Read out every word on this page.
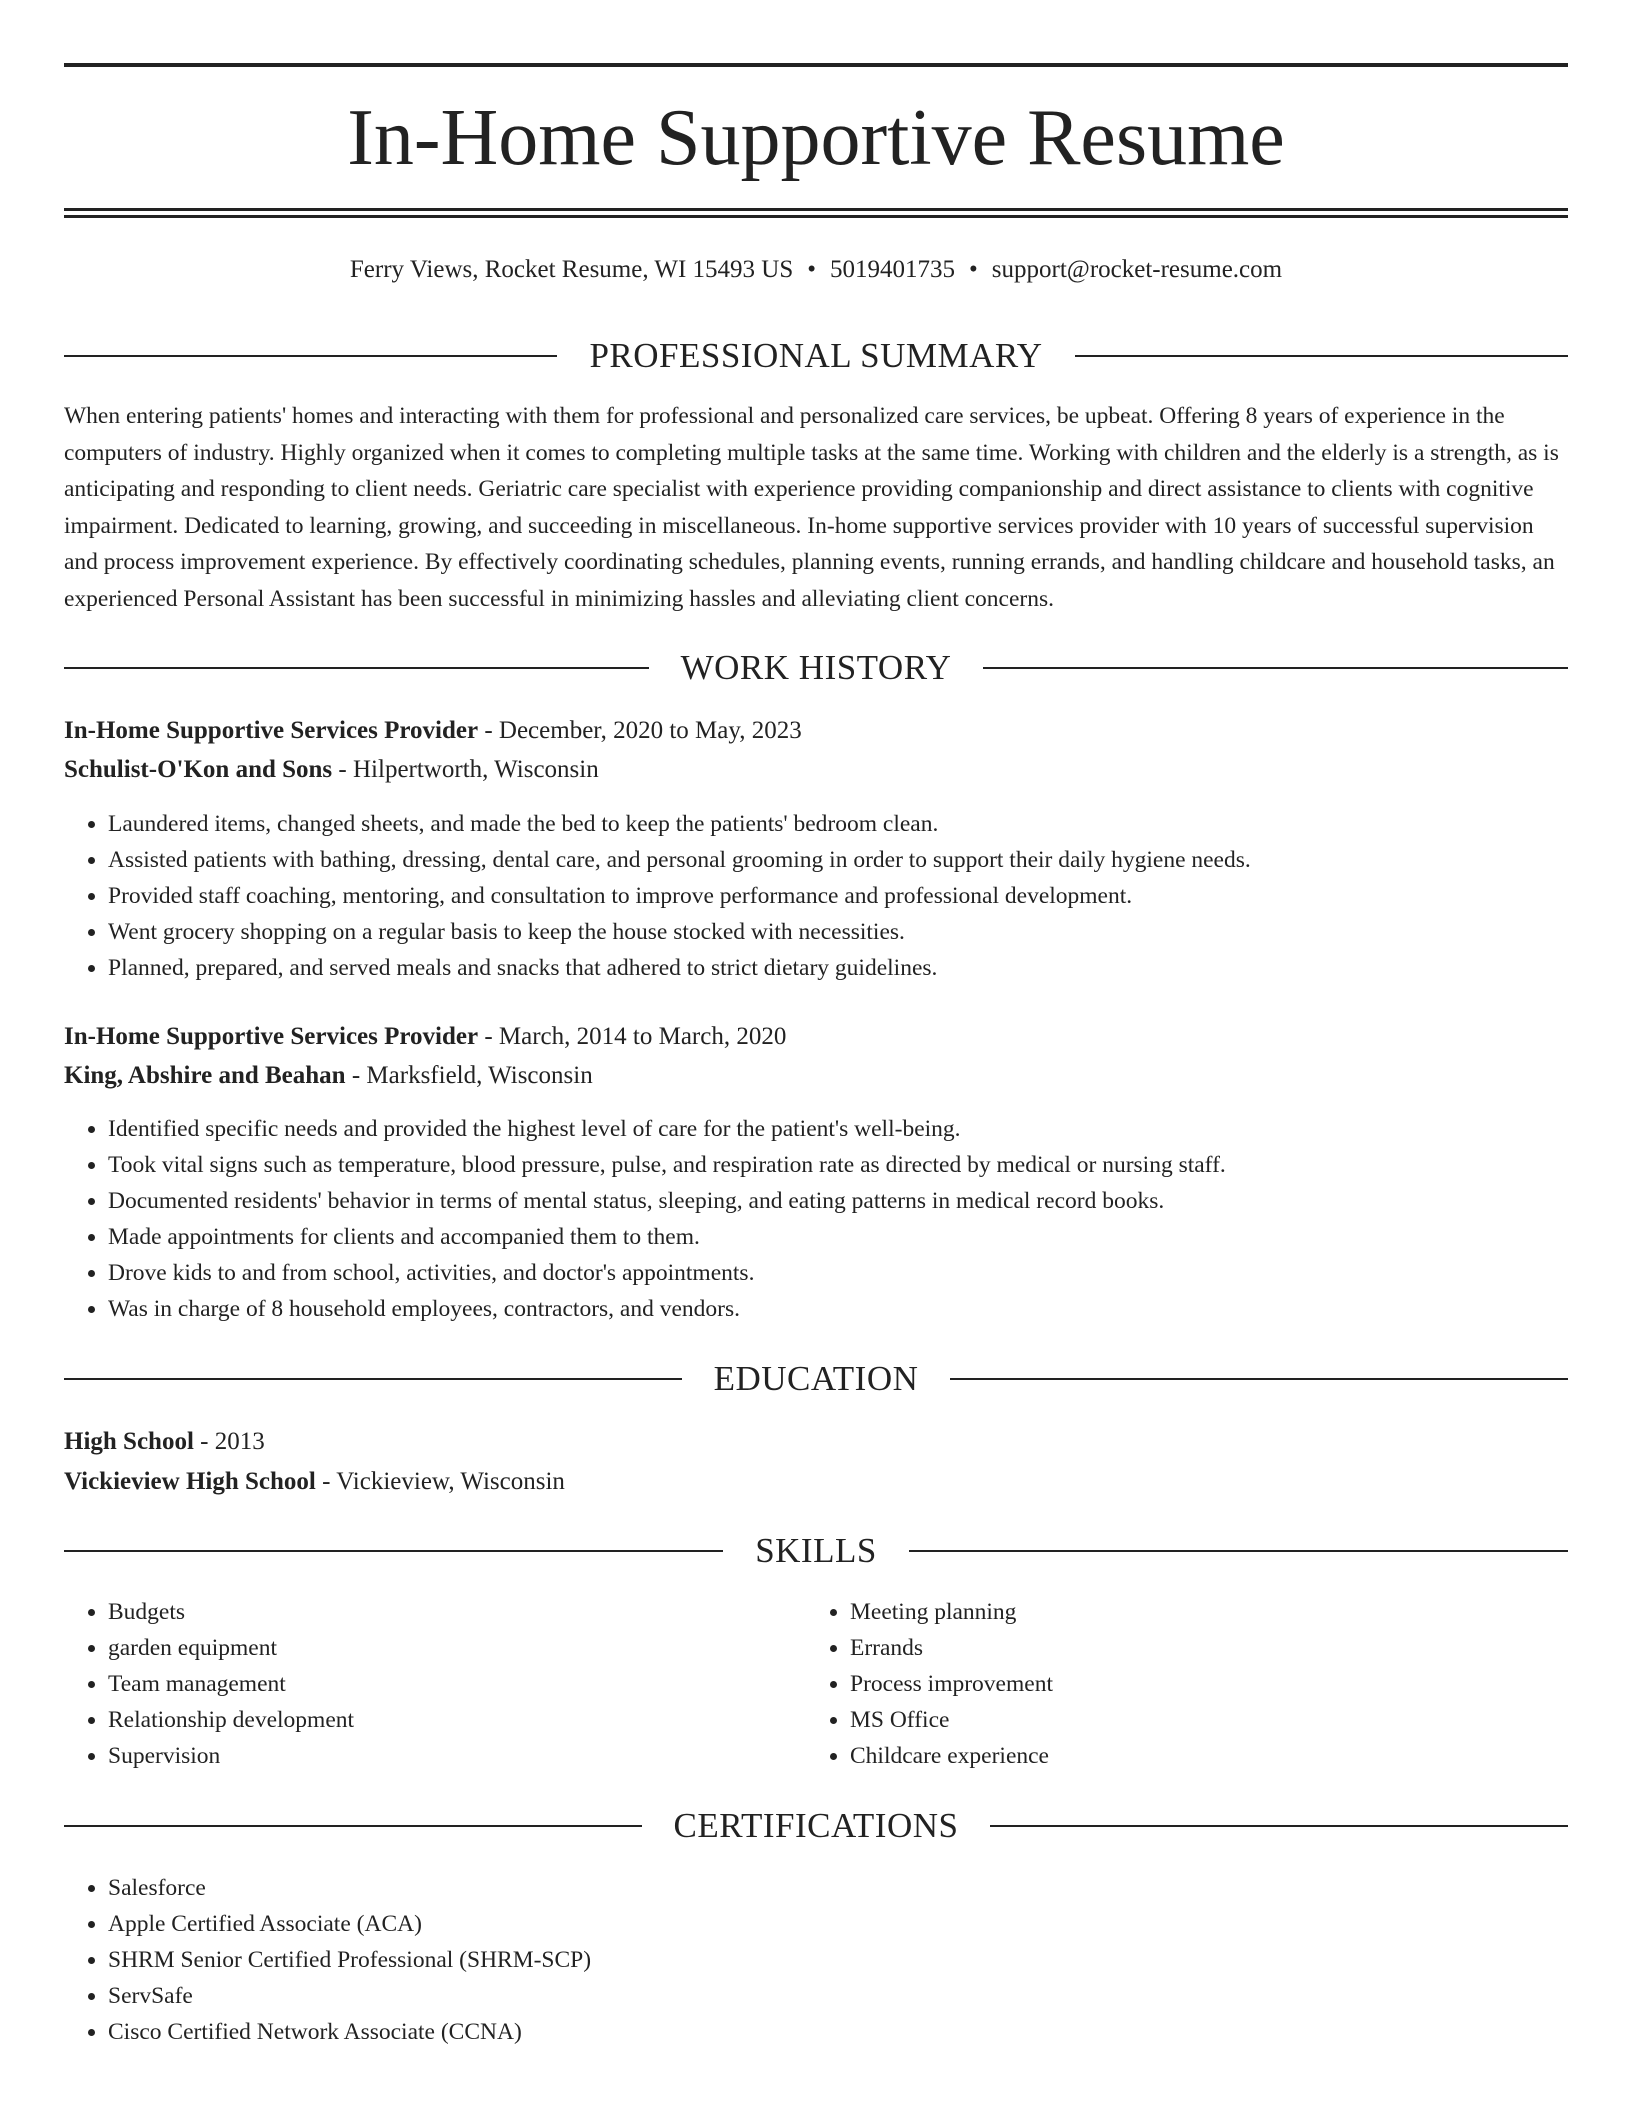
In-Home Supportive Resume
Ferry Views, Rocket Resume, WI 15493 US • 5019401735 • support@rocket-resume.com
PROFESSIONAL SUMMARY

When entering patients' homes and interacting with them for professional and personalized care services, be upbeat. Offering 8 years of experience in the computers of industry. Highly organized when it comes to completing multiple tasks at the same time. Working with children and the elderly is a strength, as is anticipating and responding to client needs. Geriatric care specialist with experience providing companionship and direct assistance to clients with cognitive impairment. Dedicated to learning, growing, and succeeding in miscellaneous. In-home supportive services provider with 10 years of successful supervision and process improvement experience. By effectively coordinating schedules, planning events, running errands, and handling childcare and household tasks, an experienced Personal Assistant has been successful in minimizing hassles and alleviating client concerns.

WORK HISTORY
In-Home Supportive Services Provider - December, 2020 to May, 2023
Schulist-O'Kon and Sons - Hilpertworth, Wisconsin
• Laundered items, changed sheets, and made the bed to keep the patients' bedroom clean.
• Assisted patients with bathing, dressing, dental care, and personal grooming in order to support their daily hygiene needs.
• Provided staff coaching, mentoring, and consultation to improve performance and professional development.
• Went grocery shopping on a regular basis to keep the house stocked with necessities.
• Planned, prepared, and served meals and snacks that adhered to strict dietary guidelines.
In-Home Supportive Services Provider - March, 2014 to March, 2020
King, Abshire and Beahan - Marksfield, Wisconsin
• Identified specific needs and provided the highest level of care for the patient's well-being.
• Took vital signs such as temperature, blood pressure, pulse, and respiration rate as directed by medical or nursing staff.
• Documented residents' behavior in terms of mental status, sleeping, and eating patterns in medical record books.
• Made appointments for clients and accompanied them to them.
• Drove kids to and from school, activities, and doctor's appointments.
• Was in charge of 8 household employees, contractors, and vendors.
EDUCATION
High School - 2013
Vickieview High School - Vickieview, Wisconsin
SKILLS
• Budgets
• garden equipment
• Team management
• Relationship development
• Supervision
• Meeting planning
• Errands
• Process improvement
• MS Office
• Childcare experience
CERTIFICATIONS
• Salesforce
• Apple Certified Associate (ACA)
• SHRM Senior Certified Professional (SHRM-SCP)
• ServSafe
• Cisco Certified Network Associate (CCNA)
